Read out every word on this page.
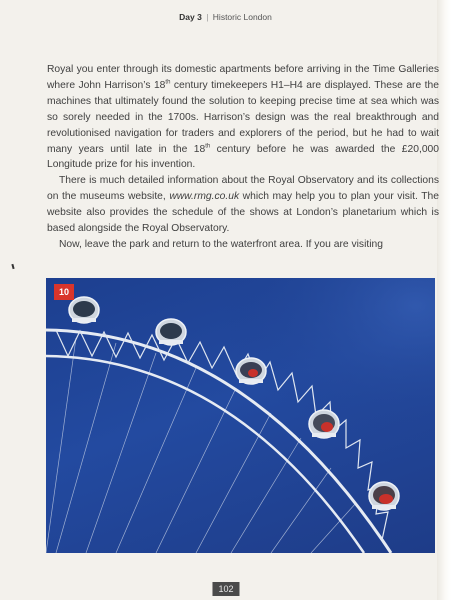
Day 3 | Historic London

Royal you enter through its domestic apartments before arriving in the Time Galleries where John Harrison’s 18th century timekeepers H1–H4 are displayed. These are the machines that ultimately found the solution to keeping precise time at sea which was so sorely needed in the 1700s. Harrison’s design was the real breakthrough and revolutionised navigation for traders and explorers of the period, but he had to wait many years until late in the 18th century before he was awarded the £20,000 Longitude prize for his invention.

There is much detailed information about the Royal Observatory and its collections on the museums website, www.rmg.co.uk which may help you to plan your visit. The website also provides the schedule of the shows at London’s planetarium which is based alongside the Royal Observatory.

Now, leave the park and return to the waterfront area. If you are visiting

10
102
